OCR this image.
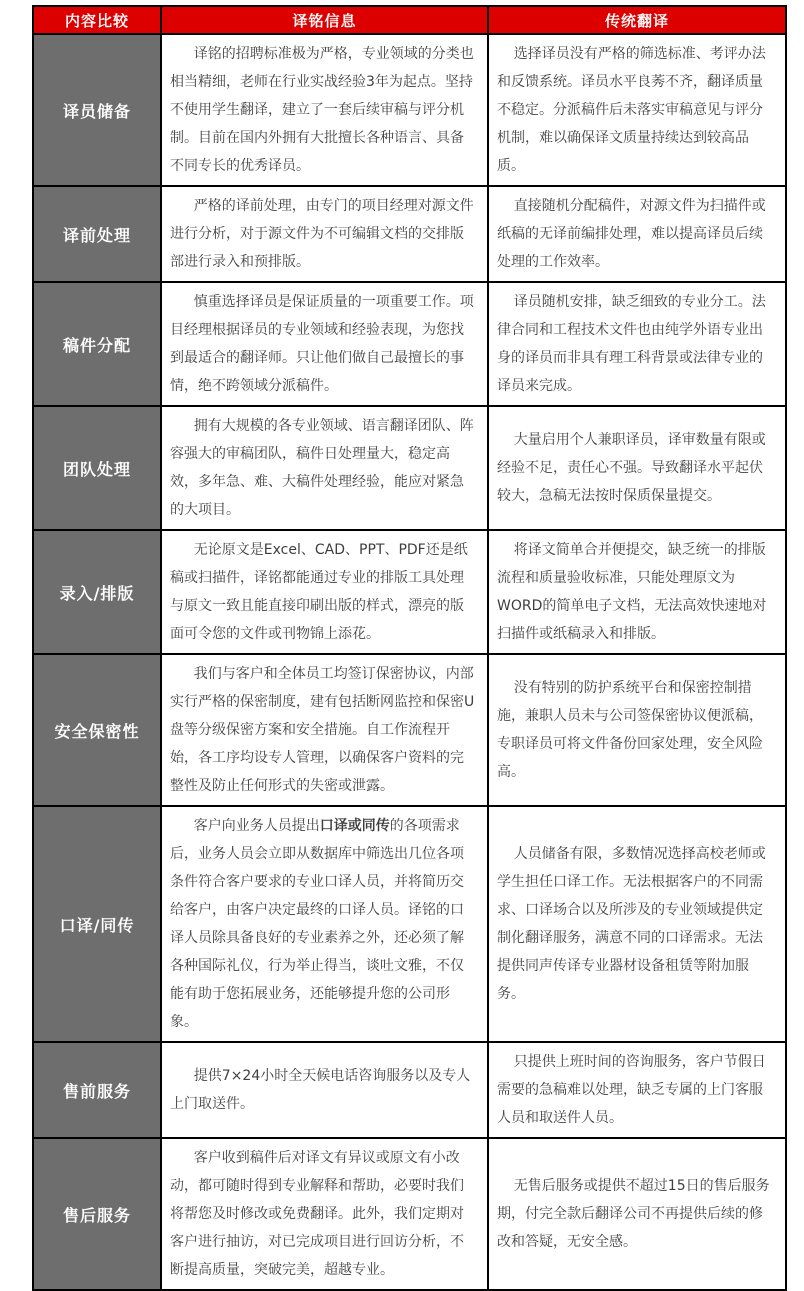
内容比较	译铭信息	传统翻译
译员储备	译铭的招聘标准极为严格，专业领域的分类也相当精细，老师在行业实战经验3年为起点。坚持不使用学生翻译，建立了一套后续审稿与评分机制。目前在国内外拥有大批擅长各种语言、具备不同专长的优秀译员。	选择译员没有严格的筛选标准、考评办法和反馈系统。译员水平良莠不齐，翻译质量不稳定。分派稿件后未落实审稿意见与评分机制，难以确保译文质量持续达到较高品质。

译前处理	严格的译前处理，由专门的项目经理对源文件进行分析，对于源文件为不可编辑文档的交排版部进行录入和预排版。	直接随机分配稿件，对源文件为扫描件或纸稿的无译前编排处理，难以提高译员后续处理的工作效率。

稿件分配	慎重选择译员是保证质量的一项重要工作。项目经理根据译员的专业领域和经验表现，为您找到最适合的翻译师。只让他们做自己最擅长的事情，绝不跨领域分派稿件。	译员随机安排，缺乏细致的专业分工。法律合同和工程技术文件也由纯学外语专业出身的译员而非具有理工科背景或法律专业的译员来完成。

团队处理	拥有大规模的各专业领域、语言翻译团队、阵容强大的审稿团队，稿件日处理量大，稳定高效，多年急、难、大稿件处理经验，能应对紧急的大项目。	大量启用个人兼职译员，译审数量有限或经验不足，责任心不强。导致翻译水平起伏较大，急稿无法按时保质保量提交。

录入/排版	无论原文是Excel、CAD、PPT、PDF还是纸稿或扫描件，译铭都能通过专业的排版工具处理与原文一致且能直接印刷出版的样式，漂亮的版面可令您的文件或刊物锦上添花。	将译文简单合并便提交，缺乏统一的排版流程和质量验收标准，只能处理原文为WORD的简单电子文档，无法高效快速地对扫描件或纸稿录入和排版。

安全保密性	我们与客户和全体员工均签订保密协议，内部实行严格的保密制度，建有包括断网监控和保密U盘等分级保密方案和安全措施。自工作流程开始，各工序均设专人管理，以确保客户资料的完整性及防止任何形式的失密或泄露。	没有特别的防护系统平台和保密控制措施，兼职人员未与公司签保密协议便派稿，专职译员可将文件备份回家处理，安全风险高。

口译/同传	客户向业务人员提出口译或同传的各项需求后，业务人员会立即从数据库中筛选出几位各项条件符合客户要求的专业口译人员，并将简历交给客户，由客户决定最终的口译人员。译铭的口译人员除具备良好的专业素养之外，还必须了解各种国际礼仪，行为举止得当，谈吐文雅，不仅能有助于您拓展业务，还能够提升您的公司形象。	人员储备有限，多数情况选择高校老师或学生担任口译工作。无法根据客户的不同需求、口译场合以及所涉及的专业领域提供定制化翻译服务，满意不同的口译需求。无法提供同声传译专业器材设备租赁等附加服务。

售前服务	提供7×24小时全天候电话咨询服务以及专人上门取送件。	只提供上班时间的咨询服务，客户节假日需要的急稿难以处理，缺乏专属的上门客服人员和取送件人员。

售后服务	客户收到稿件后对译文有异议或原文有小改动，都可随时得到专业解释和帮助，必要时我们将帮您及时修改或免费翻译。此外，我们定期对客户进行抽访，对已完成项目进行回访分析，不断提高质量，突破完美，超越专业。	无售后服务或提供不超过15日的售后服务期，付完全款后翻译公司不再提供后续的修改和答疑，无安全感。
